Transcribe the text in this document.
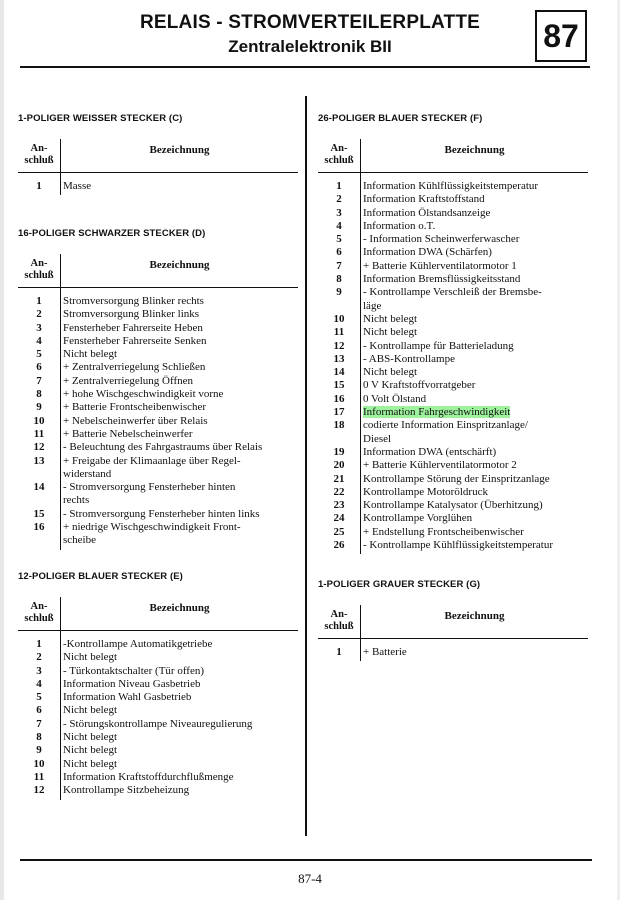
RELAIS - STROMVERTEILERPLATTE
Zentralelektronik BII	87
1-POLIGER WEISSER STECKER (C)
An-
schluß
Bezeichnung
1	Masse
16-POLIGER SCHWARZER STECKER (D)
An-
schluß
Bezeichnung
1	Stromversorgung Blinker rechts
2	Stromversorgung Blinker links
3	Fensterheber Fahrerseite Heben
4	Fensterheber Fahrerseite Senken
5	Nicht belegt
6	+ Zentralverriegelung Schließen
7	+ Zentralverriegelung Öffnen
8	+ hohe Wischgeschwindigkeit vorne
9	+ Batterie Frontscheibenwischer
10	+ Nebelscheinwerfer über Relais
11	+ Batterie Nebelscheinwerfer
12	- Beleuchtung des Fahrgastraums über Relais
13	+ Freigabe der Klimaanlage über Regel-
widerstand
14	- Stromversorgung Fensterheber hinten
rechts
15	- Stromversorgung Fensterheber hinten links
16	+ niedrige Wischgeschwindigkeit Front-
scheibe
12-POLIGER BLAUER STECKER (E)
An-
schluß
Bezeichnung
1	-Kontrollampe Automatikgetriebe
2	Nicht belegt
3	- Türkontaktschalter (Tür offen)
4	Information Niveau Gasbetrieb
5	Information Wahl Gasbetrieb
6	Nicht belegt
7	- Störungskontrollampe Niveauregulierung
8	Nicht belegt
9	Nicht belegt
10	Nicht belegt
11	Information Kraftstoffdurchflußmenge
12	Kontrollampe Sitzbeheizung
26-POLIGER BLAUER STECKER (F)
An-
schluß
Bezeichnung
1	Information Kühlflüssigkeitstemperatur
2	Information Kraftstoffstand
3	Information Ölstandsanzeige
4	Information o.T.
5	- Information Scheinwerferwascher
6	Information DWA (Schärfen)
7	+ Batterie Kühlerventilatormotor 1
8	Information Bremsflüssigkeitsstand
9	- Kontrollampe Verschleiß der Bremsbe-
läge
10	Nicht belegt
11	Nicht belegt
12	- Kontrollampe für Batterieladung
13	- ABS-Kontrollampe
14	Nicht belegt
15	0 V Kraftstoffvorratgeber
16	0 Volt Ölstand
17	Information Fahrgeschwindigkeit
18	codierte Information Einspritzanlage/
Diesel
19	Information DWA (entschärft)
20	+ Batterie Kühlerventilatormotor 2
21	Kontrollampe Störung der Einspritzanlage
22	Kontrollampe Motoröldruck
23	Kontrollampe Katalysator (Überhitzung)
24	Kontrollampe Vorglühen
25	+ Endstellung Frontscheibenwischer
26	- Kontrollampe Kühlflüssigkeitstemperatur
1-POLIGER GRAUER STECKER (G)
An-
schluß
Bezeichnung
1	+ Batterie
87-4
